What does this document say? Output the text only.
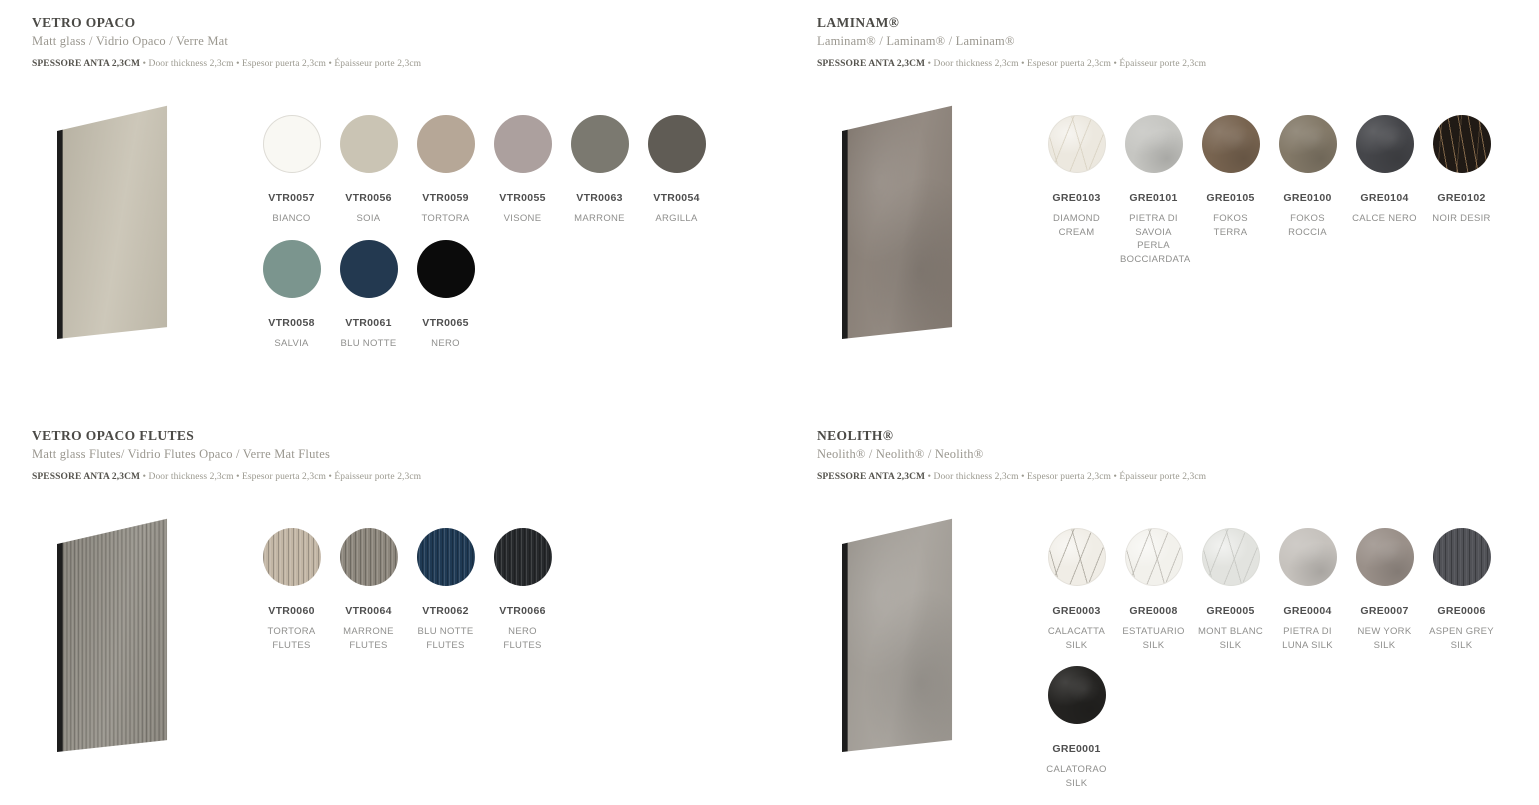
VETRO OPACO
Matt glass / Vidrio Opaco / Verre Mat
SPESSORE ANTA 2,3CM • Door thickness 2,3cm • Espesor puerta 2,3cm • Épaisseur porte 2,3cm
VTR0057
BIANCO
VTR0056
SOIA
VTR0059
TORTORA
VTR0055
VISONE
VTR0063
MARRONE
VTR0054
ARGILLA
VTR0058
SALVIA
VTR0061
BLU NOTTE
VTR0065
NERO
LAMINAM®
Laminam® / Laminam® / Laminam®
SPESSORE ANTA 2,3CM • Door thickness 2,3cm • Espesor puerta 2,3cm • Épaisseur porte 2,3cm
GRE0103
DIAMOND CREAM
GRE0101
PIETRA DI SAVOIA PERLA BOCCIARDATA
GRE0105
FOKOS TERRA
GRE0100
FOKOS ROCCIA
GRE0104
CALCE NERO
GRE0102
NOIR DESIR
VETRO OPACO FLUTES
Matt glass Flutes/ Vidrio Flutes Opaco / Verre Mat Flutes
SPESSORE ANTA 2,3CM • Door thickness 2,3cm • Espesor puerta 2,3cm • Épaisseur porte 2,3cm
VTR0060
TORTORA FLUTES
VTR0064
MARRONE FLUTES
VTR0062
BLU NOTTE FLUTES
VTR0066
NERO FLUTES
NEOLITH®
Neolith® / Neolith® / Neolith®
SPESSORE ANTA 2,3CM • Door thickness 2,3cm • Espesor puerta 2,3cm • Épaisseur porte 2,3cm
GRE0003
CALACATTA SILK
GRE0008
ESTATUARIO SILK
GRE0005
MONT BLANC SILK
GRE0004
PIETRA DI LUNA SILK
GRE0007
NEW YORK SILK
GRE0006
ASPEN GREY SILK
GRE0001
CALATORAO SILK
